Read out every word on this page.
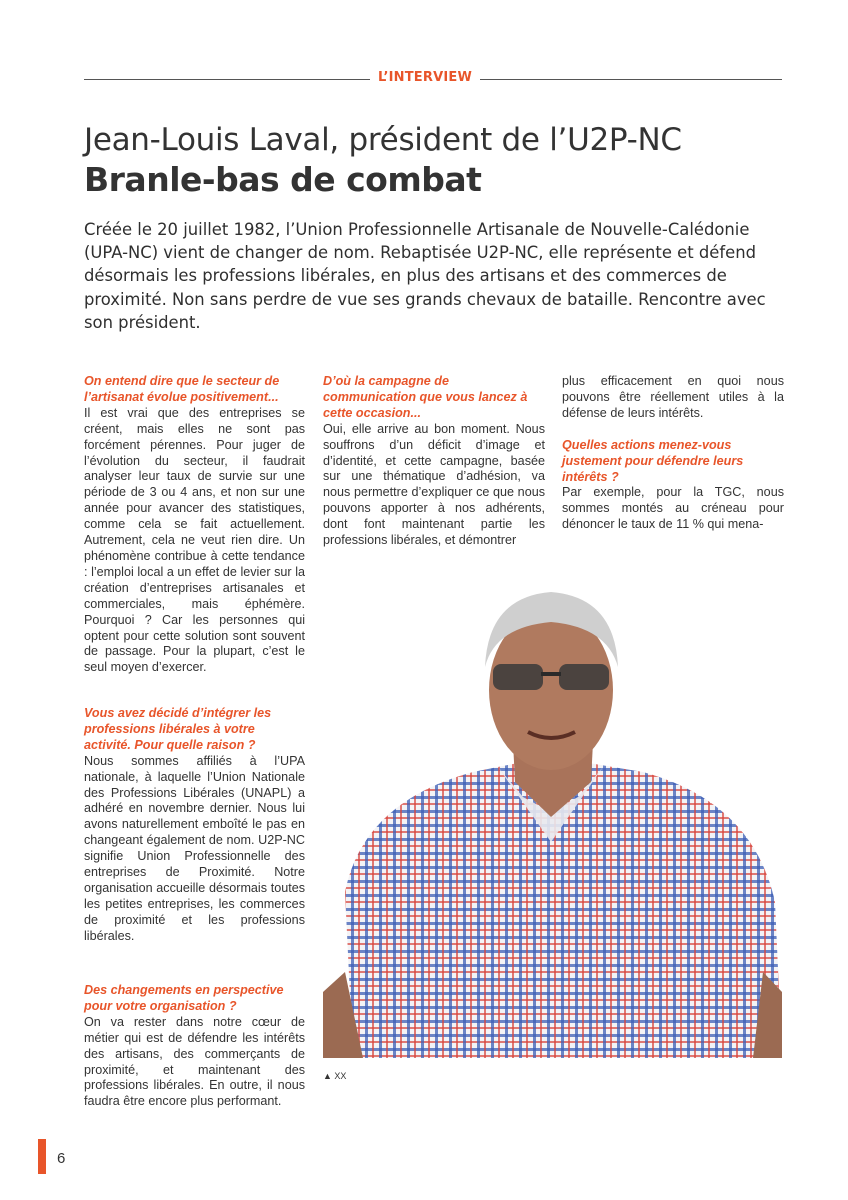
L’INTERVIEW
Jean-Louis Laval, président de l’U2P-NC
Branle-bas de combat
Créée le 20 juillet 1982, l’Union Professionnelle Artisanale de Nouvelle-Calédonie (UPA-NC) vient de changer de nom. Rebaptisée U2P-NC, elle représente et défend désormais les professions libérales, en plus des artisans et des commerces de proximité. Non sans perdre de vue ses grands chevaux de bataille. Rencontre avec son président.

On entend dire que le secteur de l’artisanat évolue positivement...

Il est vrai que des entreprises se créent, mais elles ne sont pas forcément pérennes. Pour juger de l’évolution du secteur, il faudrait analyser leur taux de survie sur une période de 3 ou 4 ans, et non sur une année pour avancer des statistiques, comme cela se fait actuellement. Autrement, cela ne veut rien dire. Un phénomène contribue à cette tendance : l’emploi local a un effet de levier sur la création d’entreprises artisanales et commerciales, mais éphémère. Pourquoi ? Car les personnes qui optent pour cette solution sont souvent de passage. Pour la plupart, c’est le seul moyen d’exercer.

Vous avez décidé d’intégrer les professions libérales à votre activité. Pour quelle raison ?

Nous sommes affiliés à l’UPA nationale, à laquelle l’Union Nationale des Professions Libérales (UNAPL) a adhéré en novembre dernier. Nous lui avons naturellement emboîté le pas en changeant également de nom. U2P-NC signifie Union Professionnelle des entreprises de Proximité. Notre organisation accueille désormais toutes les petites entreprises, les commerces de proximité et les professions libérales.

Des changements en perspective pour votre organisation ?

On va rester dans notre cœur de métier qui est de défendre les intérêts des artisans, des commerçants de proximité, et maintenant des professions libérales. En outre, il nous faudra être encore plus performant.

D’où la campagne de communication que vous lancez à cette occasion...

Oui, elle arrive au bon moment. Nous souffrons d’un déficit d’image et d’identité, et cette campagne, basée sur une thématique d’adhésion, va nous permettre d’expliquer ce que nous pouvons apporter à nos adhérents, dont font maintenant partie les professions libérales, et démontrer

plus efficacement en quoi nous pouvons être réellement utiles à la défense de leurs intérêts.

Quelles actions menez-vous justement pour défendre leurs intérêts ?

Par exemple, pour la TGC, nous sommes montés au créneau pour dénoncer le taux de 11 % qui mena-

▲ XX
6
